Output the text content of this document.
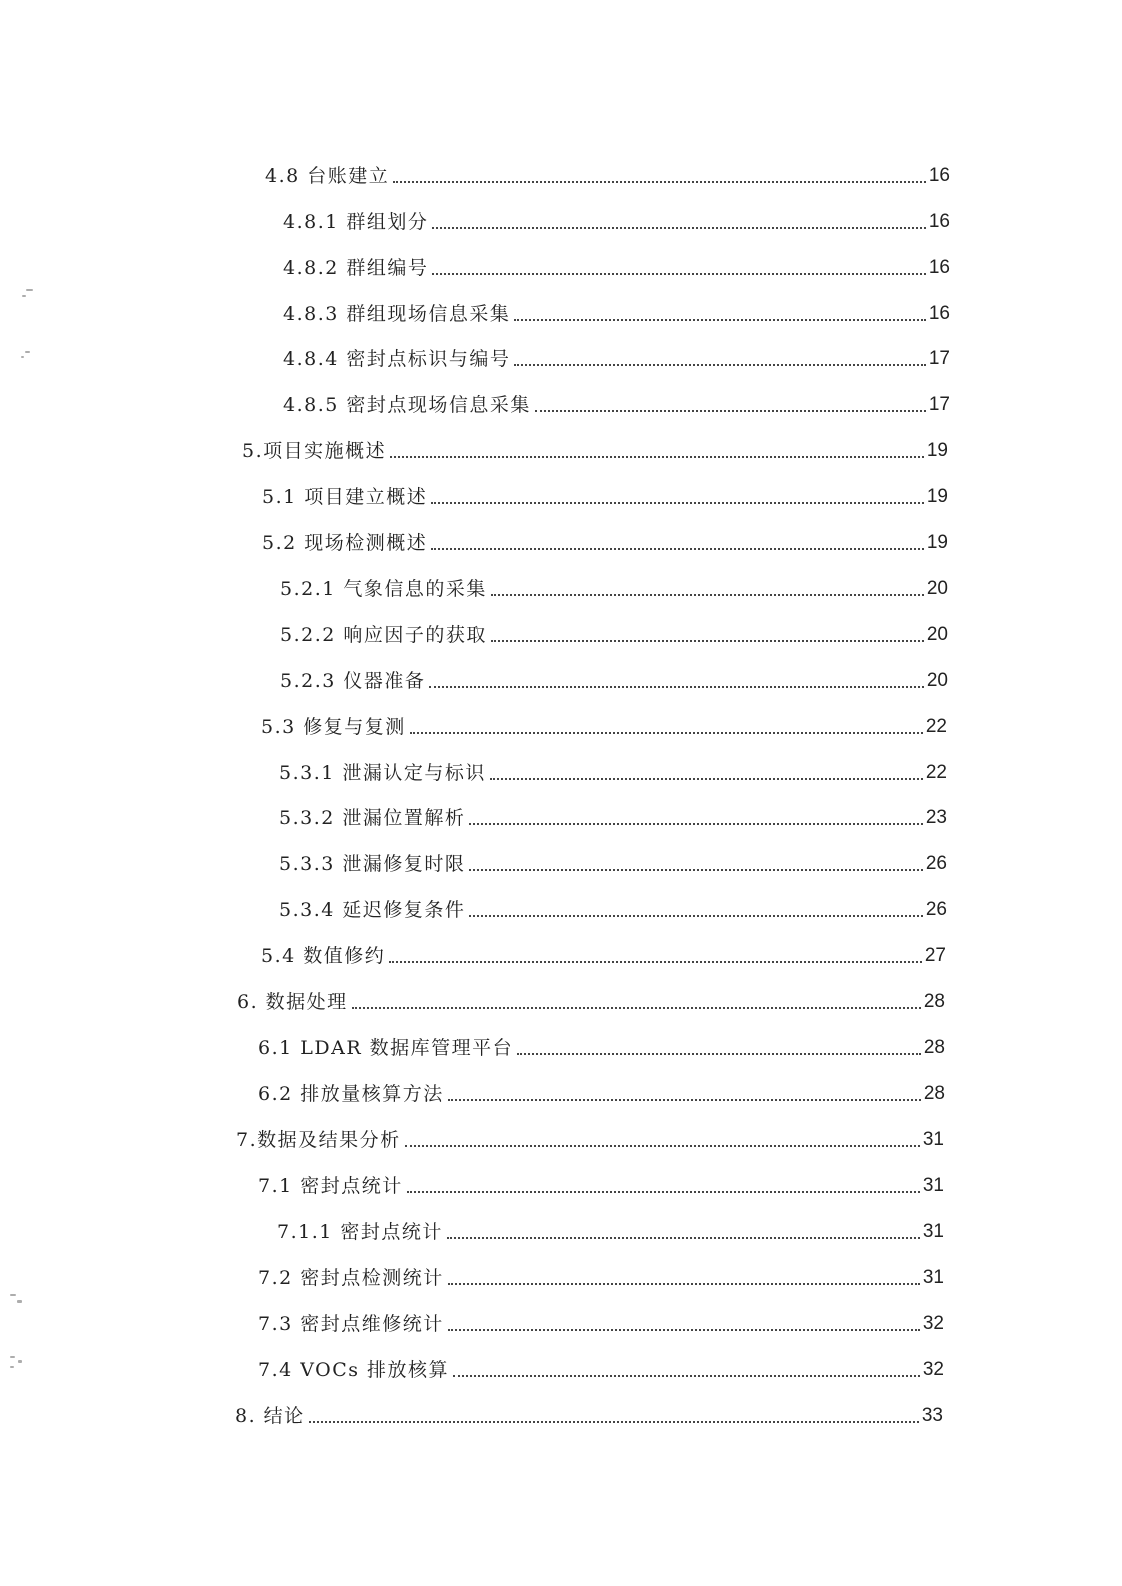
4.8 台账建立	16
4.8.1 群组划分	16
4.8.2 群组编号	16
4.8.3 群组现场信息采集	16
4.8.4 密封点标识与编号	17
4.8.5 密封点现场信息采集	17
5.项目实施概述	19
5.1 项目建立概述	19
5.2 现场检测概述	19
5.2.1 气象信息的采集	20
5.2.2 响应因子的获取	20
5.2.3 仪器准备	20
5.3 修复与复测	22
5.3.1 泄漏认定与标识	22
5.3.2 泄漏位置解析	23
5.3.3 泄漏修复时限	26
5.3.4 延迟修复条件	26
5.4 数值修约	27
6. 数据处理	28
6.1 LDAR 数据库管理平台	28
6.2 排放量核算方法	28
7.数据及结果分析	31
7.1 密封点统计	31
7.1.1 密封点统计	31
7.2 密封点检测统计	31
7.3 密封点维修统计	32
7.4 VOCs 排放核算	32
8. 结论	33
